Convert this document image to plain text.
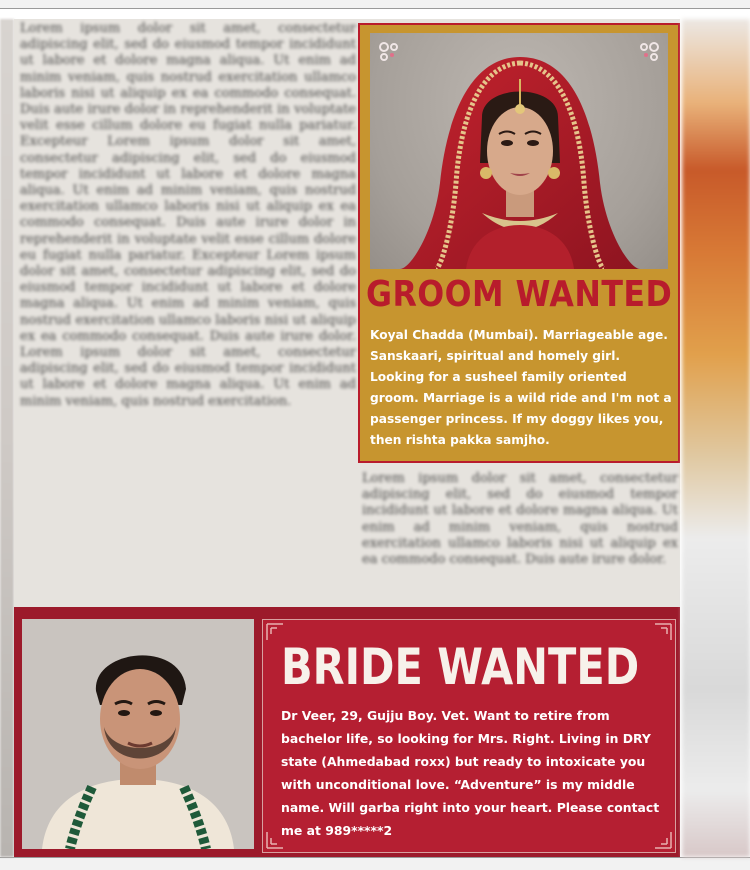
Lorem ipsum dolor sit amet, consectetur adipiscing elit, sed do eiusmod tempor incididunt ut labore et dolore magna aliqua. Ut enim ad minim veniam, quis nostrud exercitation ullamco laboris nisi ut aliquip ex ea commodo consequat. Duis aute irure dolor in reprehenderit in voluptate velit esse cillum dolore eu fugiat nulla pariatur. Excepteur Lorem ipsum dolor sit amet, consectetur adipiscing elit, sed do eiusmod tempor incididunt ut labore et dolore magna aliqua. Ut enim ad minim veniam, quis nostrud exercitation ullamco laboris nisi ut aliquip ex ea commodo consequat. Duis aute irure dolor in reprehenderit in voluptate velit esse cillum dolore eu fugiat nulla pariatur. Excepteur Lorem ipsum dolor sit amet, consectetur adipiscing elit, sed do eiusmod tempor incididunt ut labore et dolore magna aliqua. Ut enim ad minim veniam, quis nostrud exercitation ullamco laboris nisi ut aliquip ex ea commodo consequat. Duis aute irure dolor. Lorem ipsum dolor sit amet, consectetur adipiscing elit, sed do eiusmod tempor incididunt ut labore et dolore magna aliqua. Ut enim ad minim veniam, quis nostrud exercitation.
Lorem ipsum dolor sit amet, consectetur adipiscing elit, sed do eiusmod tempor incididunt ut labore et dolore magna aliqua. Ut enim ad minim veniam, quis nostrud exercitation ullamco laboris nisi ut aliquip ex ea commodo consequat. Duis aute irure dolor.
GROOM WANTED
Koyal Chadda (Mumbai). Marriageable age. Sanskaari, spiritual and homely girl. Looking for a susheel family oriented groom. Marriage is a wild ride and I'm not a passenger princess. If my doggy likes you, then rishta pakka samjho.
BRIDE WANTED
Dr Veer, 29, Gujju Boy. Vet. Want to retire from bachelor life, so looking for Mrs. Right. Living in DRY state (Ahmedabad roxx) but ready to intoxicate you with unconditional love. “Adventure” is my middle name. Will garba right into your heart. Please contact me at 989*****2
